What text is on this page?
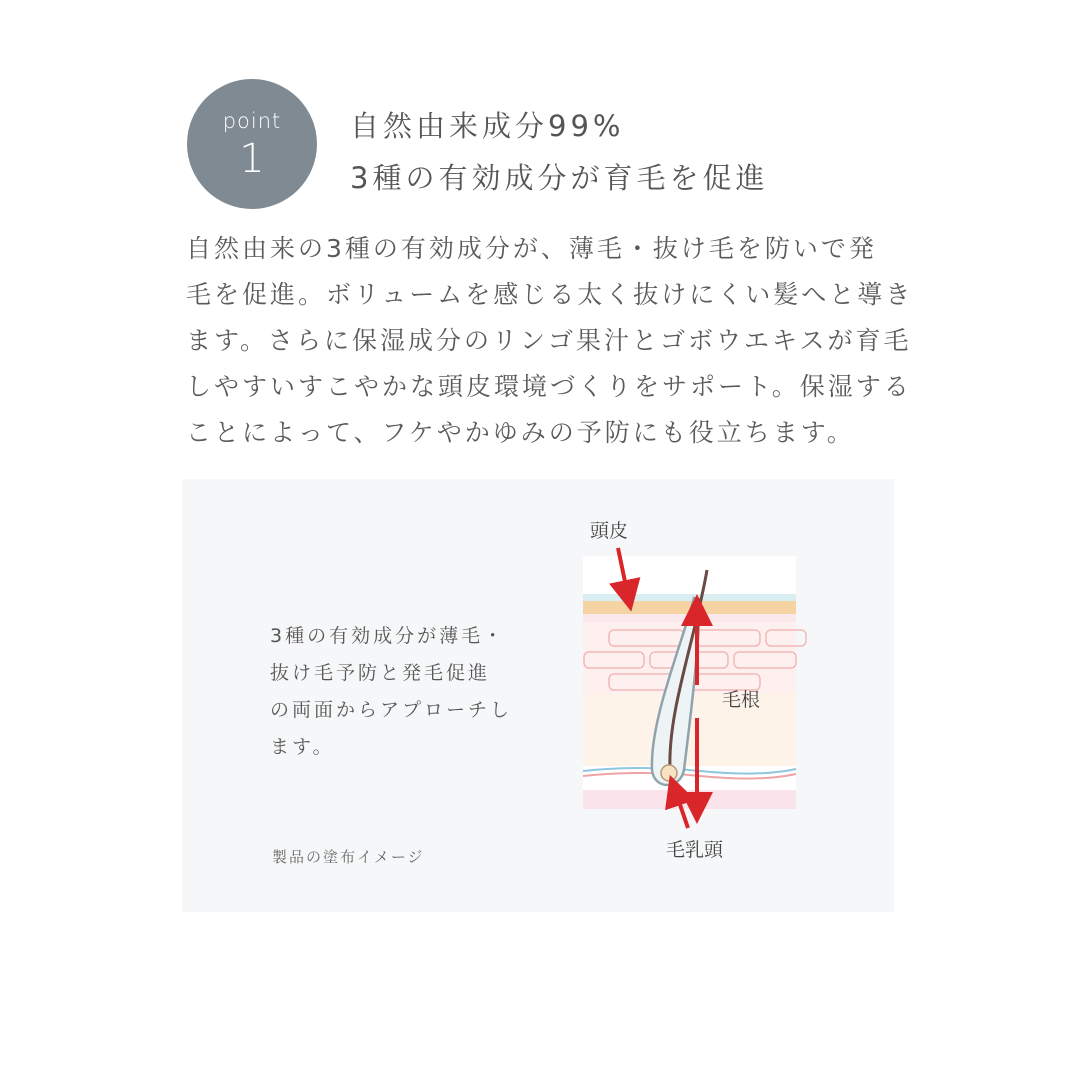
point
1
自然由来成分99%
3種の有効成分が育毛を促進
自然由来の3種の有効成分が、薄毛・抜け毛を防いで発
毛を促進。ボリュームを感じる太く抜けにくい髪へと導き
ます。さらに保湿成分のリンゴ果汁とゴボウエキスが育毛
しやすいすこやかな頭皮環境づくりをサポート。保湿する
ことによって、フケやかゆみの予防にも役立ちます。
3種の有効成分が薄毛・
抜け毛予防と発毛促進
の両面からアプローチし
ます。
製品の塗布イメージ
頭皮
毛根
毛乳頭
